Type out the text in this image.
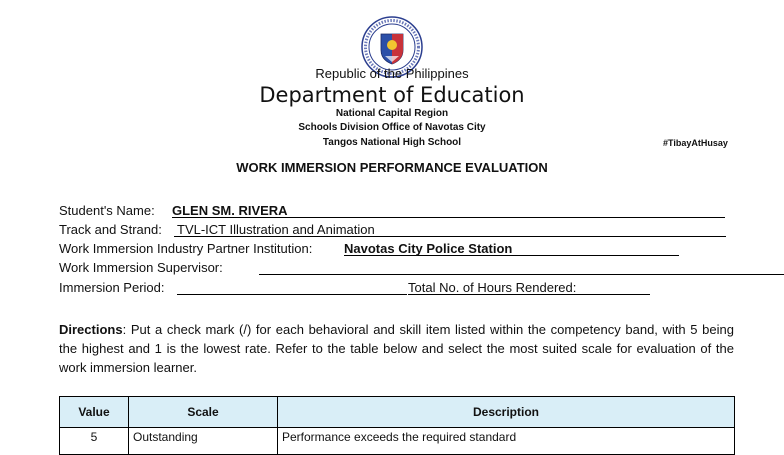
Republic of the Philippines
Department of Education
National Capital Region
Schools Division Office of Navotas City
Tangos National High School	#TibayAtHusay
WORK IMMERSION PERFORMANCE EVALUATION
Student's Name: GLEN SM. RIVERA
Track and Strand: TVL-ICT Illustration and Animation
Work Immersion Industry Partner Institution: Navotas City Police Station
Work Immersion Supervisor:
Immersion Period:	Total No. of Hours Rendered:
Directions: Put a check mark (/) for each behavioral and skill item listed within the competency band, with 5 being the highest and 1 is the lowest rate. Refer to the table below and select the most suited scale for evaluation of the work immersion learner.
Value	Scale	Description
5	Outstanding	Performance exceeds the required standard
